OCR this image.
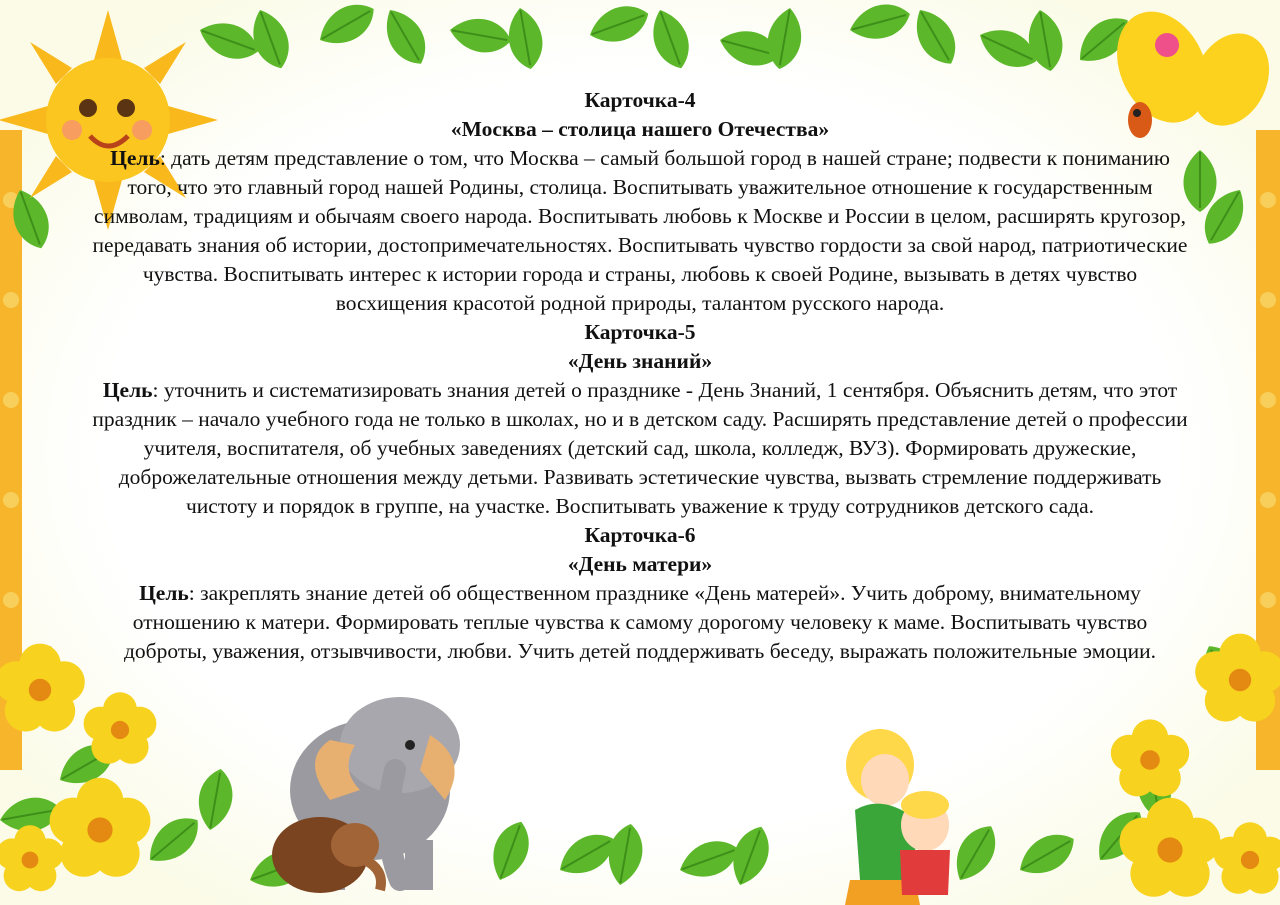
Карточка-4

«Москва – столица нашего Отечества»

Цель: дать детям представление о том, что Москва – самый большой город в нашей стране; подвести к пониманию того, что это главный город нашей Родины, столица. Воспитывать уважительное отношение к государственным символам, традициям и обычаям своего народа. Воспитывать любовь к Москве и России в целом, расширять кругозор, передавать знания об истории, достопримечательностях. Воспитывать чувство гордости за свой народ, патриотические чувства. Воспитывать интерес к истории города и страны, любовь к своей Родине, вызывать в детях чувство восхищения красотой родной природы, талантом русского народа.

Карточка-5

«День знаний»

Цель: уточнить и систематизировать знания детей о празднике - День Знаний, 1 сентября. Объяснить детям, что этот праздник – начало учебного года не только в школах, но и в детском саду. Расширять представление детей о профессии учителя, воспитателя, об учебных заведениях (детский сад, школа, колледж, ВУЗ). Формировать дружеские, доброжелательные отношения между детьми. Развивать эстетические чувства, вызвать стремление поддерживать чистоту и порядок в группе, на участке. Воспитывать уважение к труду сотрудников детского сада.

Карточка-6

«День матери»

Цель: закреплять знание детей об общественном празднике «День матерей». Учить доброму, внимательному отношению к матери. Формировать теплые чувства к самому дорогому человеку к маме. Воспитывать чувство доброты, уважения, отзывчивости, любви. Учить детей поддерживать беседу, выражать положительные эмоции.
